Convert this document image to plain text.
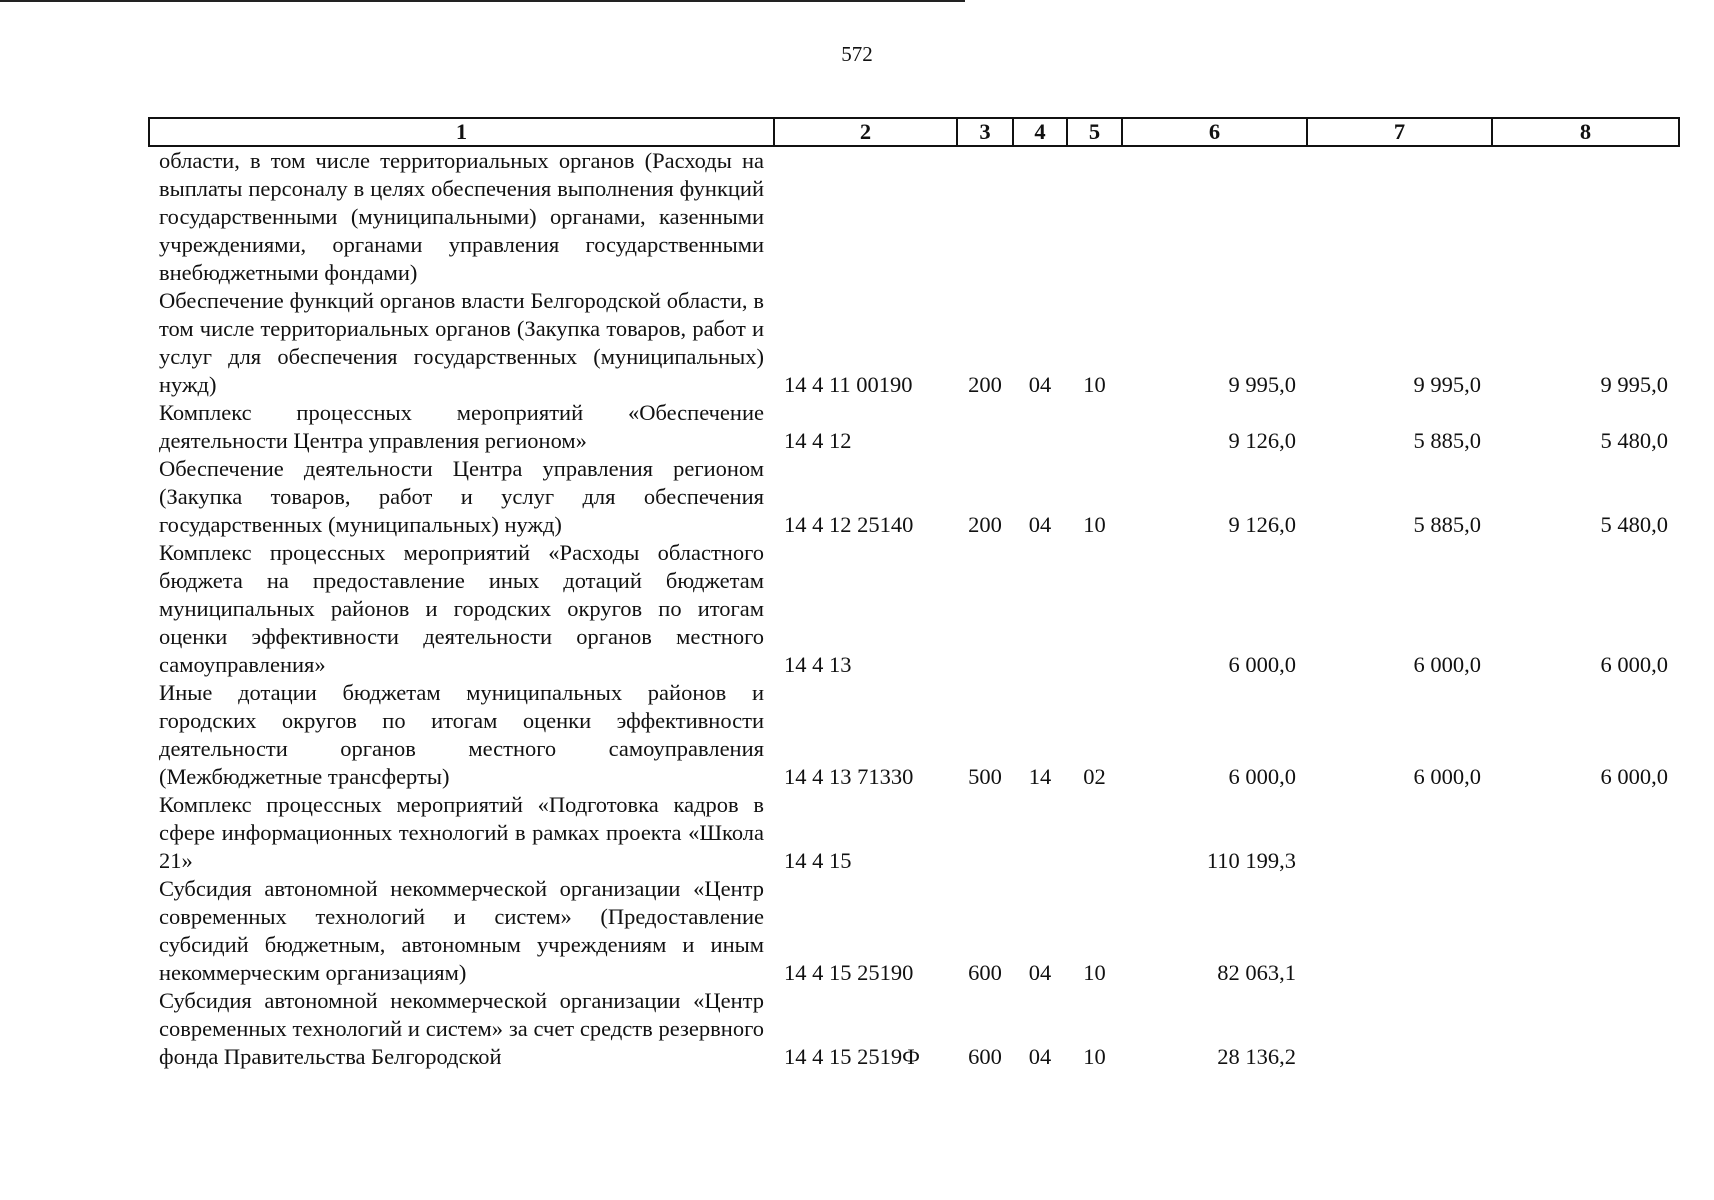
572
1	2	3	4	5	6	7	8
области, в том числе территориальных органов (Расходы на выплаты персоналу в целях обеспечения выполнения функций государственными (муниципальными) органами, казенными учреждениями, органами управления государственными внебюджетными фондами)							
Обеспечение функций органов власти Белгородской области, в том числе территориальных органов (Закупка товаров, работ и услуг для обеспечения государственных (муниципальных) нужд)	14 4 11 00190	200	04	10	9 995,0	9 995,0	9 995,0
Комплекс процессных мероприятий «Обеспечение деятельности Центра управления регионом»	14 4 12				9 126,0	5 885,0	5 480,0
Обеспечение деятельности Центра управления регионом (Закупка товаров, работ и услуг для обеспечения государственных (муниципальных) нужд)	14 4 12 25140	200	04	10	9 126,0	5 885,0	5 480,0
Комплекс процессных мероприятий «Расходы областного бюджета на предоставление иных дотаций бюджетам муниципальных районов и городских округов по итогам оценки эффективности деятельности органов местного самоуправления»	14 4 13				6 000,0	6 000,0	6 000,0
Иные дотации бюджетам муниципальных районов и городских округов по итогам оценки эффективности деятельности органов местного самоуправления (Межбюджетные трансферты)	14 4 13 71330	500	14	02	6 000,0	6 000,0	6 000,0
Комплекс процессных мероприятий «Подготовка кадров в сфере информационных технологий в рамках проекта «Школа 21»	14 4 15				110 199,3		
Субсидия автономной некоммерческой организации «Центр современных технологий и систем» (Предоставление субсидий бюджетным, автономным учреждениям и иным некоммерческим организациям)	14 4 15 25190	600	04	10	82 063,1		
Субсидия автономной некоммерческой организации «Центр современных технологий и систем» за счет средств резервного фонда Правительства Белгородской	14 4 15 2519Ф	600	04	10	28 136,2		
